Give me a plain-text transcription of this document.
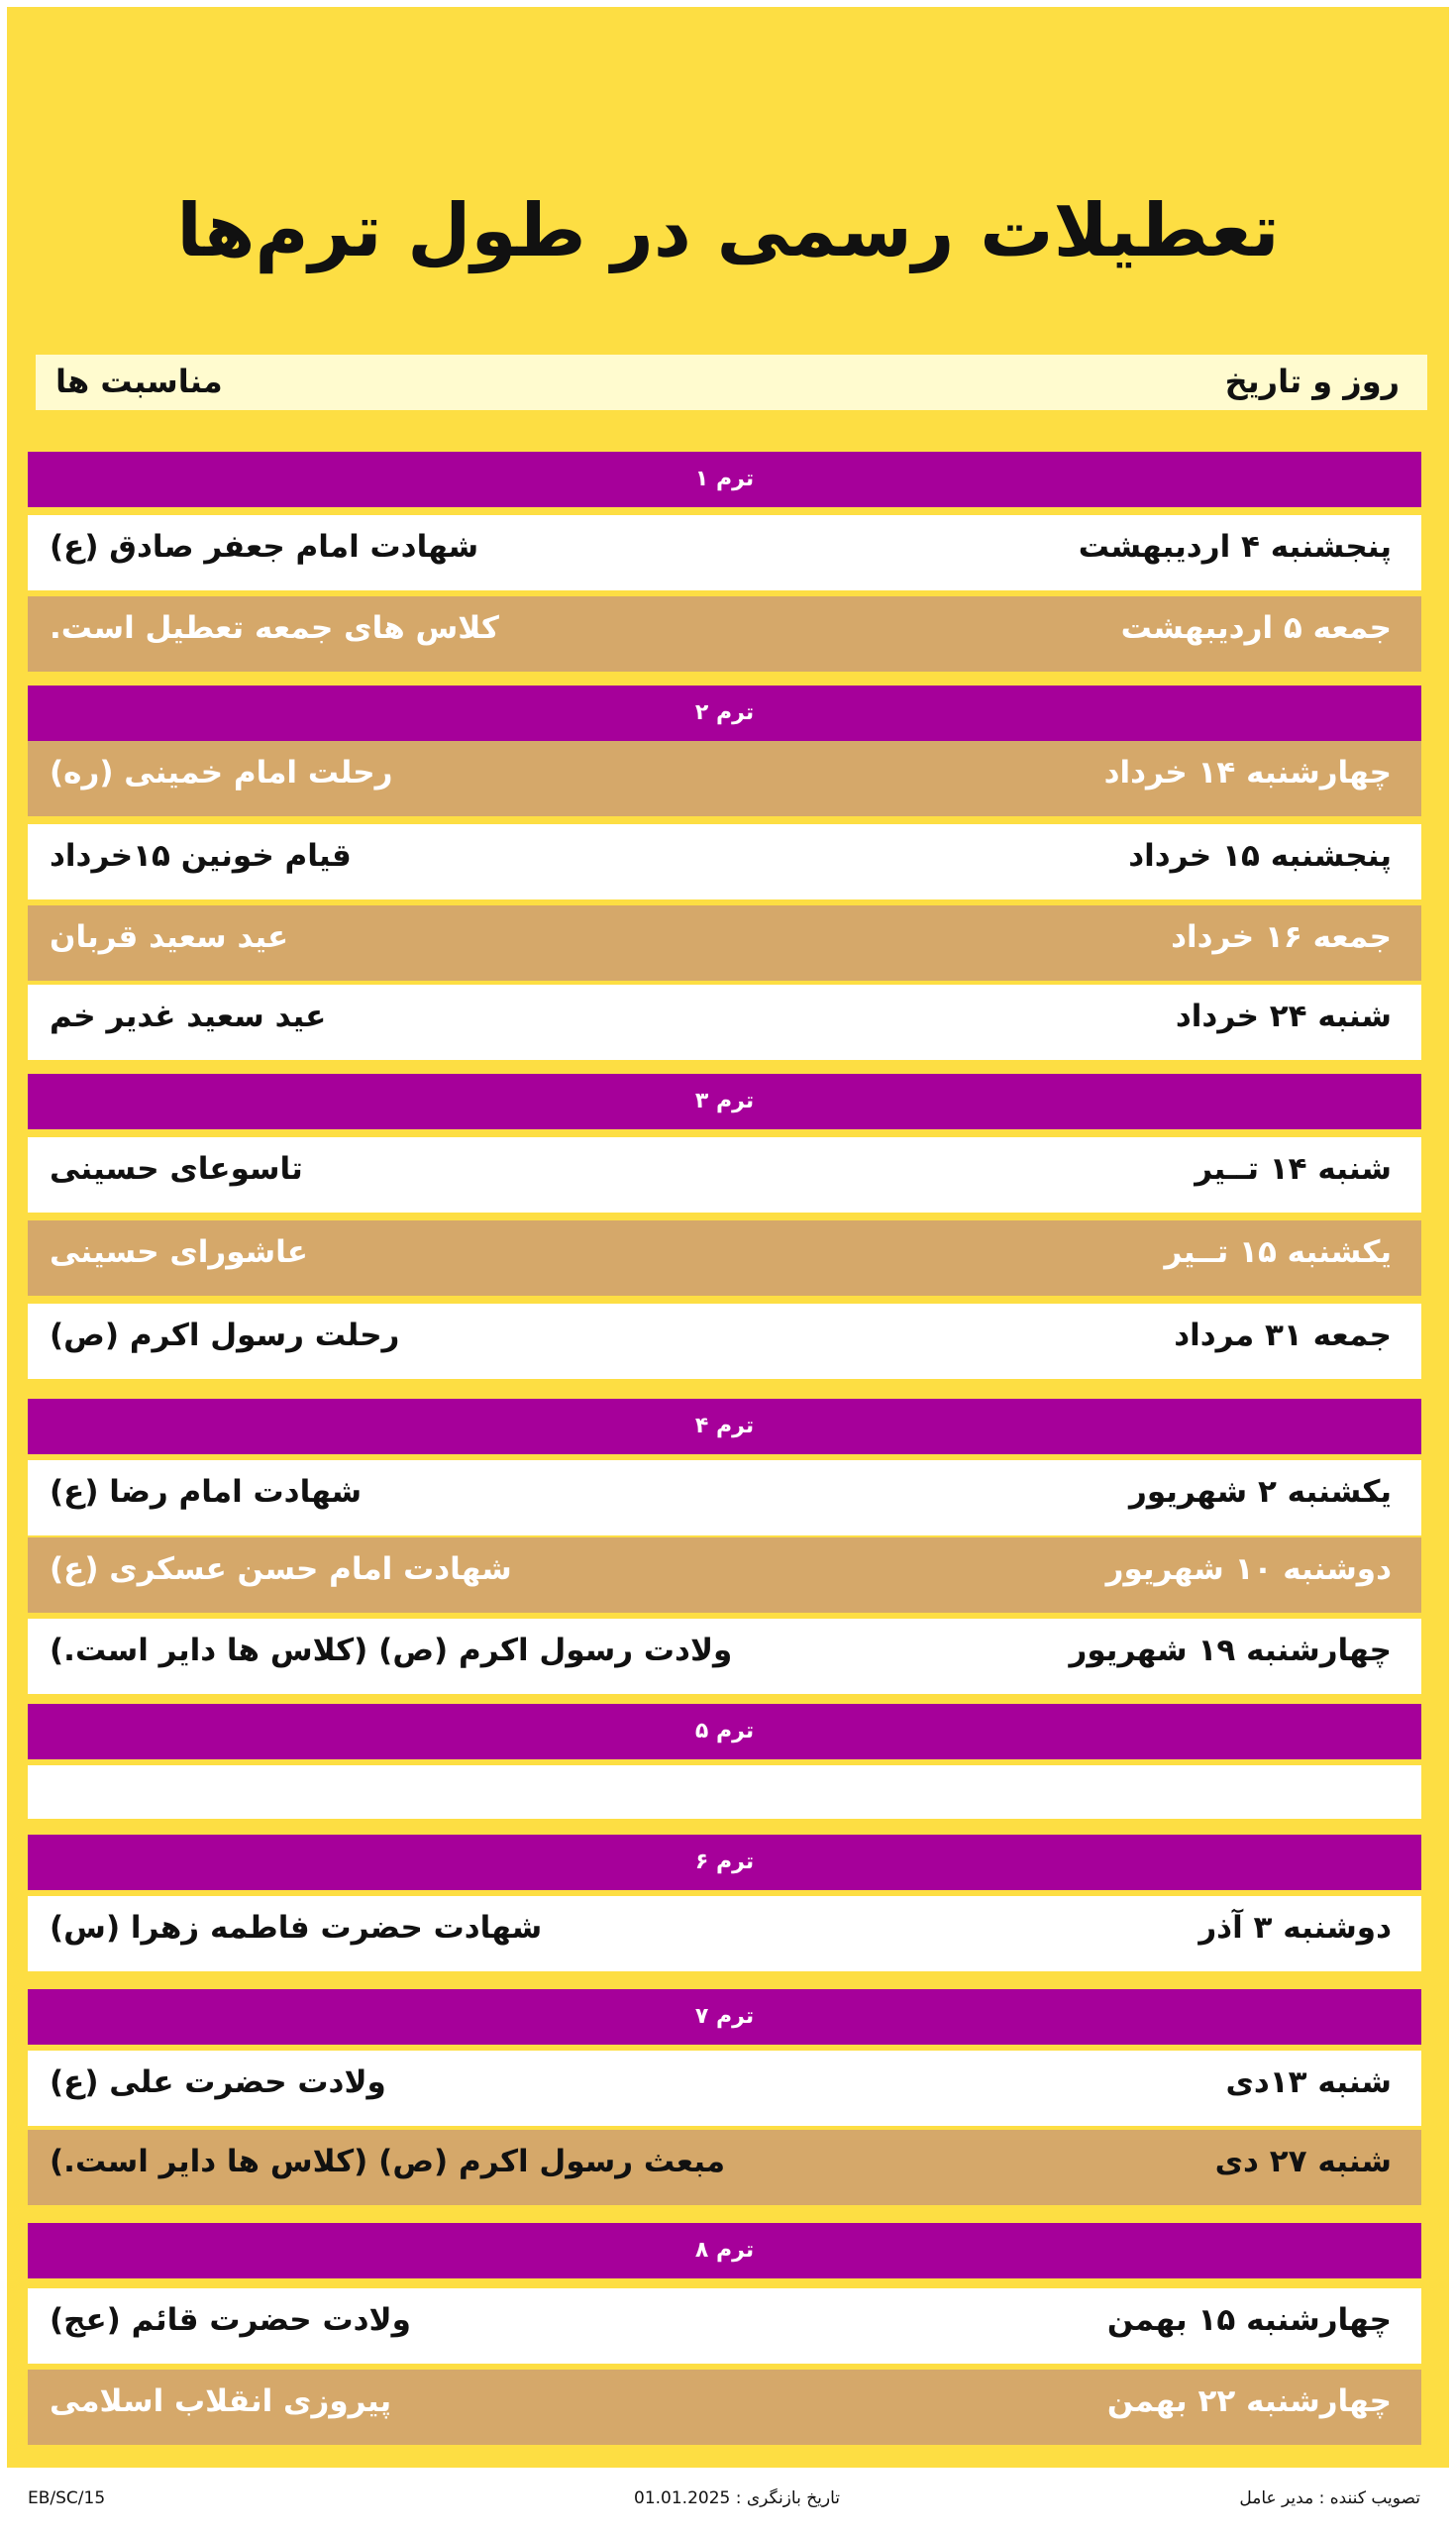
تعطیلات رسمی در طول ترم‌ها
روز و تاریخ
مناسبت ها
ترم ۱
پنجشنبه ۴ اردیبهشت
شهادت امام جعفر صادق (ع)
جمعه ۵ اردیبهشت
کلاس های جمعه تعطیل است.
ترم ۲
چهارشنبه ۱۴ خرداد
رحلت امام خمینی (ره)
پنجشنبه ۱۵ خرداد
قیام خونین ۱۵خرداد
جمعه ۱۶ خرداد
عید سعید قربان
شنبه ۲۴ خرداد
عید سعید غدیر خم
ترم ۳
شنبه ۱۴ تــیر
تاسوعای حسینی
یکشنبه ۱۵ تــیر
عاشورای حسینی
جمعه ۳۱ مرداد
رحلت رسول اکرم (ص)
ترم ۴
یکشنبه ۲ شهریور
شهادت امام رضا (ع)
دوشنبه ۱۰ شهریور
شهادت امام حسن عسکری (ع)
چهارشنبه ۱۹ شهریور
ولادت رسول اکرم (ص) (کلاس ها دایر است.)
ترم ۵
ترم ۶
دوشنبه ۳ آذر
شهادت حضرت فاطمه زهرا (س)
ترم ۷
شنبه ۱۳دی
ولادت حضرت علی (ع)
شنبه ۲۷ دی
مبعث رسول اکرم (ص) (کلاس ها دایر است.)
ترم ۸
چهارشنبه ۱۵ بهمن
ولادت حضرت قائم (عج)
چهارشنبه ۲۲ بهمن
پیروزی انقلاب اسلامی
تصویب کننده : مدیر عامل
تاریخ بازنگری : 01.01.2025
EB/SC/15
